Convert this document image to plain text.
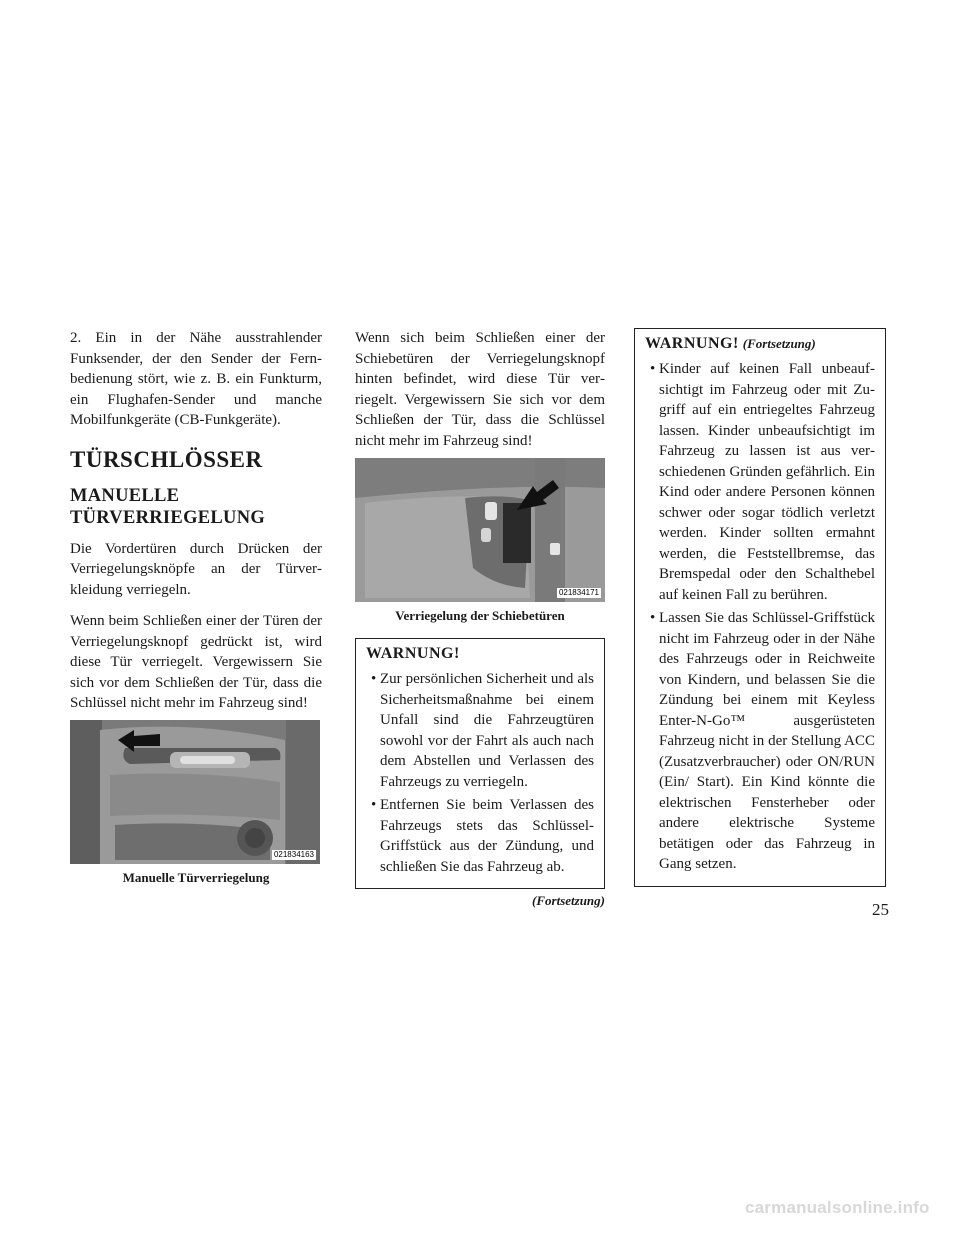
2. Ein in der Nähe ausstrahlender Funksender, der den Sender der Fernbedienung stört, wie z. B. ein Funkturm, ein Flughafen-Sender und manche Mobilfunkgeräte (CB-Funkgeräte).

TÜRSCHLÖSSER
MANUELLE TÜRVERRIEGELUNG

Die Vordertüren durch Drücken der Verriegelungsknöpfe an der Türverkleidung verriegeln.

Wenn beim Schließen einer der Türen der Verriegelungsknopf gedrückt ist, wird diese Tür verriegelt. Vergewissern Sie sich vor dem Schließen der Tür, dass die Schlüssel nicht mehr im Fahrzeug sind!

021834163
Manuelle Türverriegelung

Wenn sich beim Schließen einer der Schiebetüren der Verriegelungsknopf hinten befindet, wird diese Tür verriegelt. Vergewissern Sie sich vor dem Schließen der Tür, dass die Schlüssel nicht mehr im Fahrzeug sind!

021834171
Verriegelung der Schiebetüren
WARNUNG!
• Zur persönlichen Sicherheit und als Sicherheitsmaßnahme bei einem Unfall sind die Fahrzeugtüren sowohl vor der Fahrt als auch nach dem Abstellen und Verlassen des Fahrzeugs zu verriegeln.
• Entfernen Sie beim Verlassen des Fahrzeugs stets das Schlüssel-Griffstück aus der Zündung, und schließen Sie das Fahrzeug ab.
(Fortsetzung)
WARNUNG! (Fortsetzung)
• Kinder auf keinen Fall unbeaufsichtigt im Fahrzeug oder mit Zugriff auf ein entriegeltes Fahrzeug lassen. Kinder unbeaufsichtigt im Fahrzeug zu lassen ist aus verschiedenen Gründen gefährlich. Ein Kind oder andere Personen können schwer oder sogar tödlich verletzt werden. Kinder sollten ermahnt werden, die Feststellbremse, das Bremspedal oder den Schalthebel auf keinen Fall zu berühren.
• Lassen Sie das Schlüssel-Griffstück nicht im Fahrzeug oder in der Nähe des Fahrzeugs oder in Reichweite von Kindern, und belassen Sie die Zündung bei einem mit Keyless Enter-N-Go™ ausgerüsteten Fahrzeug nicht in der Stellung ACC (Zusatzverbraucher) oder ON/RUN (Ein/ Start). Ein Kind könnte die elektrischen Fensterheber oder andere elektrische Systeme betätigen oder das Fahrzeug in Gang setzen.
25
carmanualsonline.info
